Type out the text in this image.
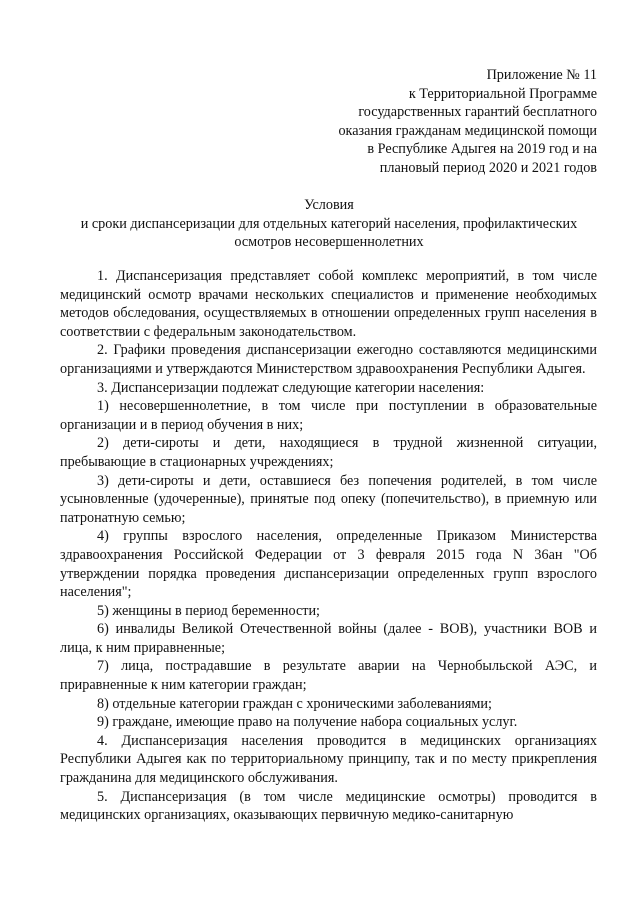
Приложение № 11
к Территориальной Программе
государственных гарантий бесплатного
оказания гражданам медицинской помощи
в Республике Адыгея на 2019 год и на
плановый период 2020 и 2021 годов
Условия
и сроки диспансеризации для отдельных категорий населения, профилактических
осмотров несовершеннолетних

1. Диспансеризация представляет собой комплекс мероприятий, в том числе медицинский осмотр врачами нескольких специалистов и применение необходимых методов обследования, осуществляемых в отношении определенных групп населения в соответствии с федеральным законодательством.

2. Графики проведения диспансеризации ежегодно составляются медицинскими организациями и утверждаются Министерством здравоохранения Республики Адыгея.

3. Диспансеризации подлежат следующие категории населения:

1) несовершеннолетние, в том числе при поступлении в образовательные организации и в период обучения в них;

2) дети-сироты и дети, находящиеся в трудной жизненной ситуации, пребывающие в стационарных учреждениях;

3) дети-сироты и дети, оставшиеся без попечения родителей, в том числе усыновленные (удочеренные), принятые под опеку (попечительство), в приемную или патронатную семью;

4) группы взрослого населения, определенные Приказом Министерства здравоохранения Российской Федерации от 3 февраля 2015 года N 36ан "Об утверждении порядка проведения диспансеризации определенных групп взрослого населения";

5) женщины в период беременности;

6) инвалиды Великой Отечественной войны (далее - ВОВ), участники ВОВ и лица, к ним приравненные;

7) лица, пострадавшие в результате аварии на Чернобыльской АЭС, и приравненные к ним категории граждан;

8) отдельные категории граждан с хроническими заболеваниями;

9) граждане, имеющие право на получение набора социальных услуг.

4. Диспансеризация населения проводится в медицинских организациях Республики Адыгея как по территориальному принципу, так и по месту прикрепления гражданина для медицинского обслуживания.

5. Диспансеризация (в том числе медицинские осмотры) проводится в медицинских организациях, оказывающих первичную медико-санитарную
